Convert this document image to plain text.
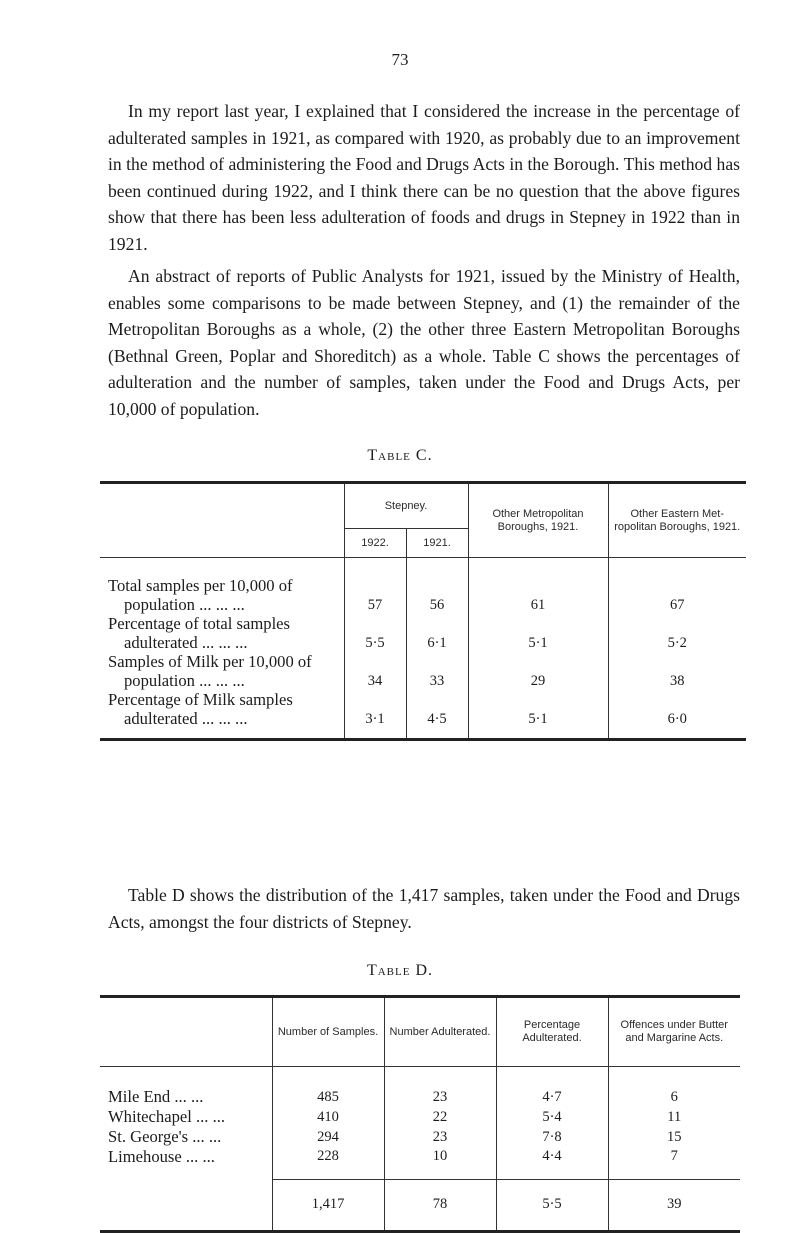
73

In my report last year, I explained that I considered the increase in the percentage of adulterated samples in 1921, as compared with 1920, as probably due to an improvement in the method of administering the Food and Drugs Acts in the Borough. This method has been continued during 1922, and I think there can be no question that the above figures show that there has been less adulteration of foods and drugs in Stepney in 1922 than in 1921.

An abstract of reports of Public Analysts for 1921, issued by the Ministry of Health, enables some comparisons to be made between Stepney, and (1) the remainder of the Metropolitan Boroughs as a whole, (2) the other three Eastern Metropolitan Boroughs (Bethnal Green, Poplar and Shoreditch) as a whole. Table C shows the percentages of adulteration and the number of samples, taken under the Food and Drugs Acts, per 10,000 of population.

Table C.
	Stepney.		Other Metropolitan Boroughs, 1921.	Other Eastern Met- ropolitan Boroughs, 1921.
	1922.	1921.		
Total samples per 10,000 of
population ... ... ...	57	56	61	67
Percentage of total samples
adulterated ... ... ...	5·5	6·1	5·1	5·2
Samples of Milk per 10,000 of
population ... ... ...	34	33	29	38
Percentage of Milk samples
adulterated ... ... ...	3·1	4·5	5·1	6·0

Table D shows the distribution of the 1,417 samples, taken under the Food and Drugs Acts, amongst the four districts of Stepney.

Table D.
	Number of Samples.	Number Adulterated.	Percentage Adulterated.	Offences under Butter and Margarine Acts.
Mile End ... ...	485	23	4·7	6
Whitechapel ... ...	410	22	5·4	11
St. George's ... ...	294	23	7·8	15
Limehouse ... ...	228	10	4·4	7
	1,417	78	5·5	39
